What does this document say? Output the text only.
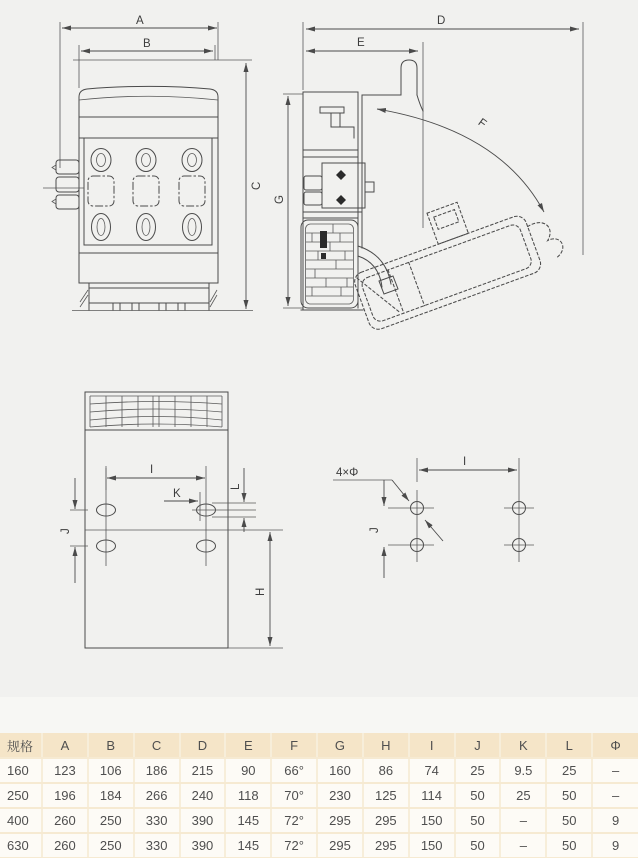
A
B
C
D
E
G
F
I
K
J
L
H
4×Φ
I
J
规格	A	B	C	D	E	F	G	H	I	J	K	L	Φ
160	123	106	186	215	90	66°	160	86	74	25	9.5	25	–
250	196	184	266	240	118	70°	230	125	114	50	25	50	–
400	260	250	330	390	145	72°	295	295	150	50	–	50	9
630	260	250	330	390	145	72°	295	295	150	50	–	50	9
